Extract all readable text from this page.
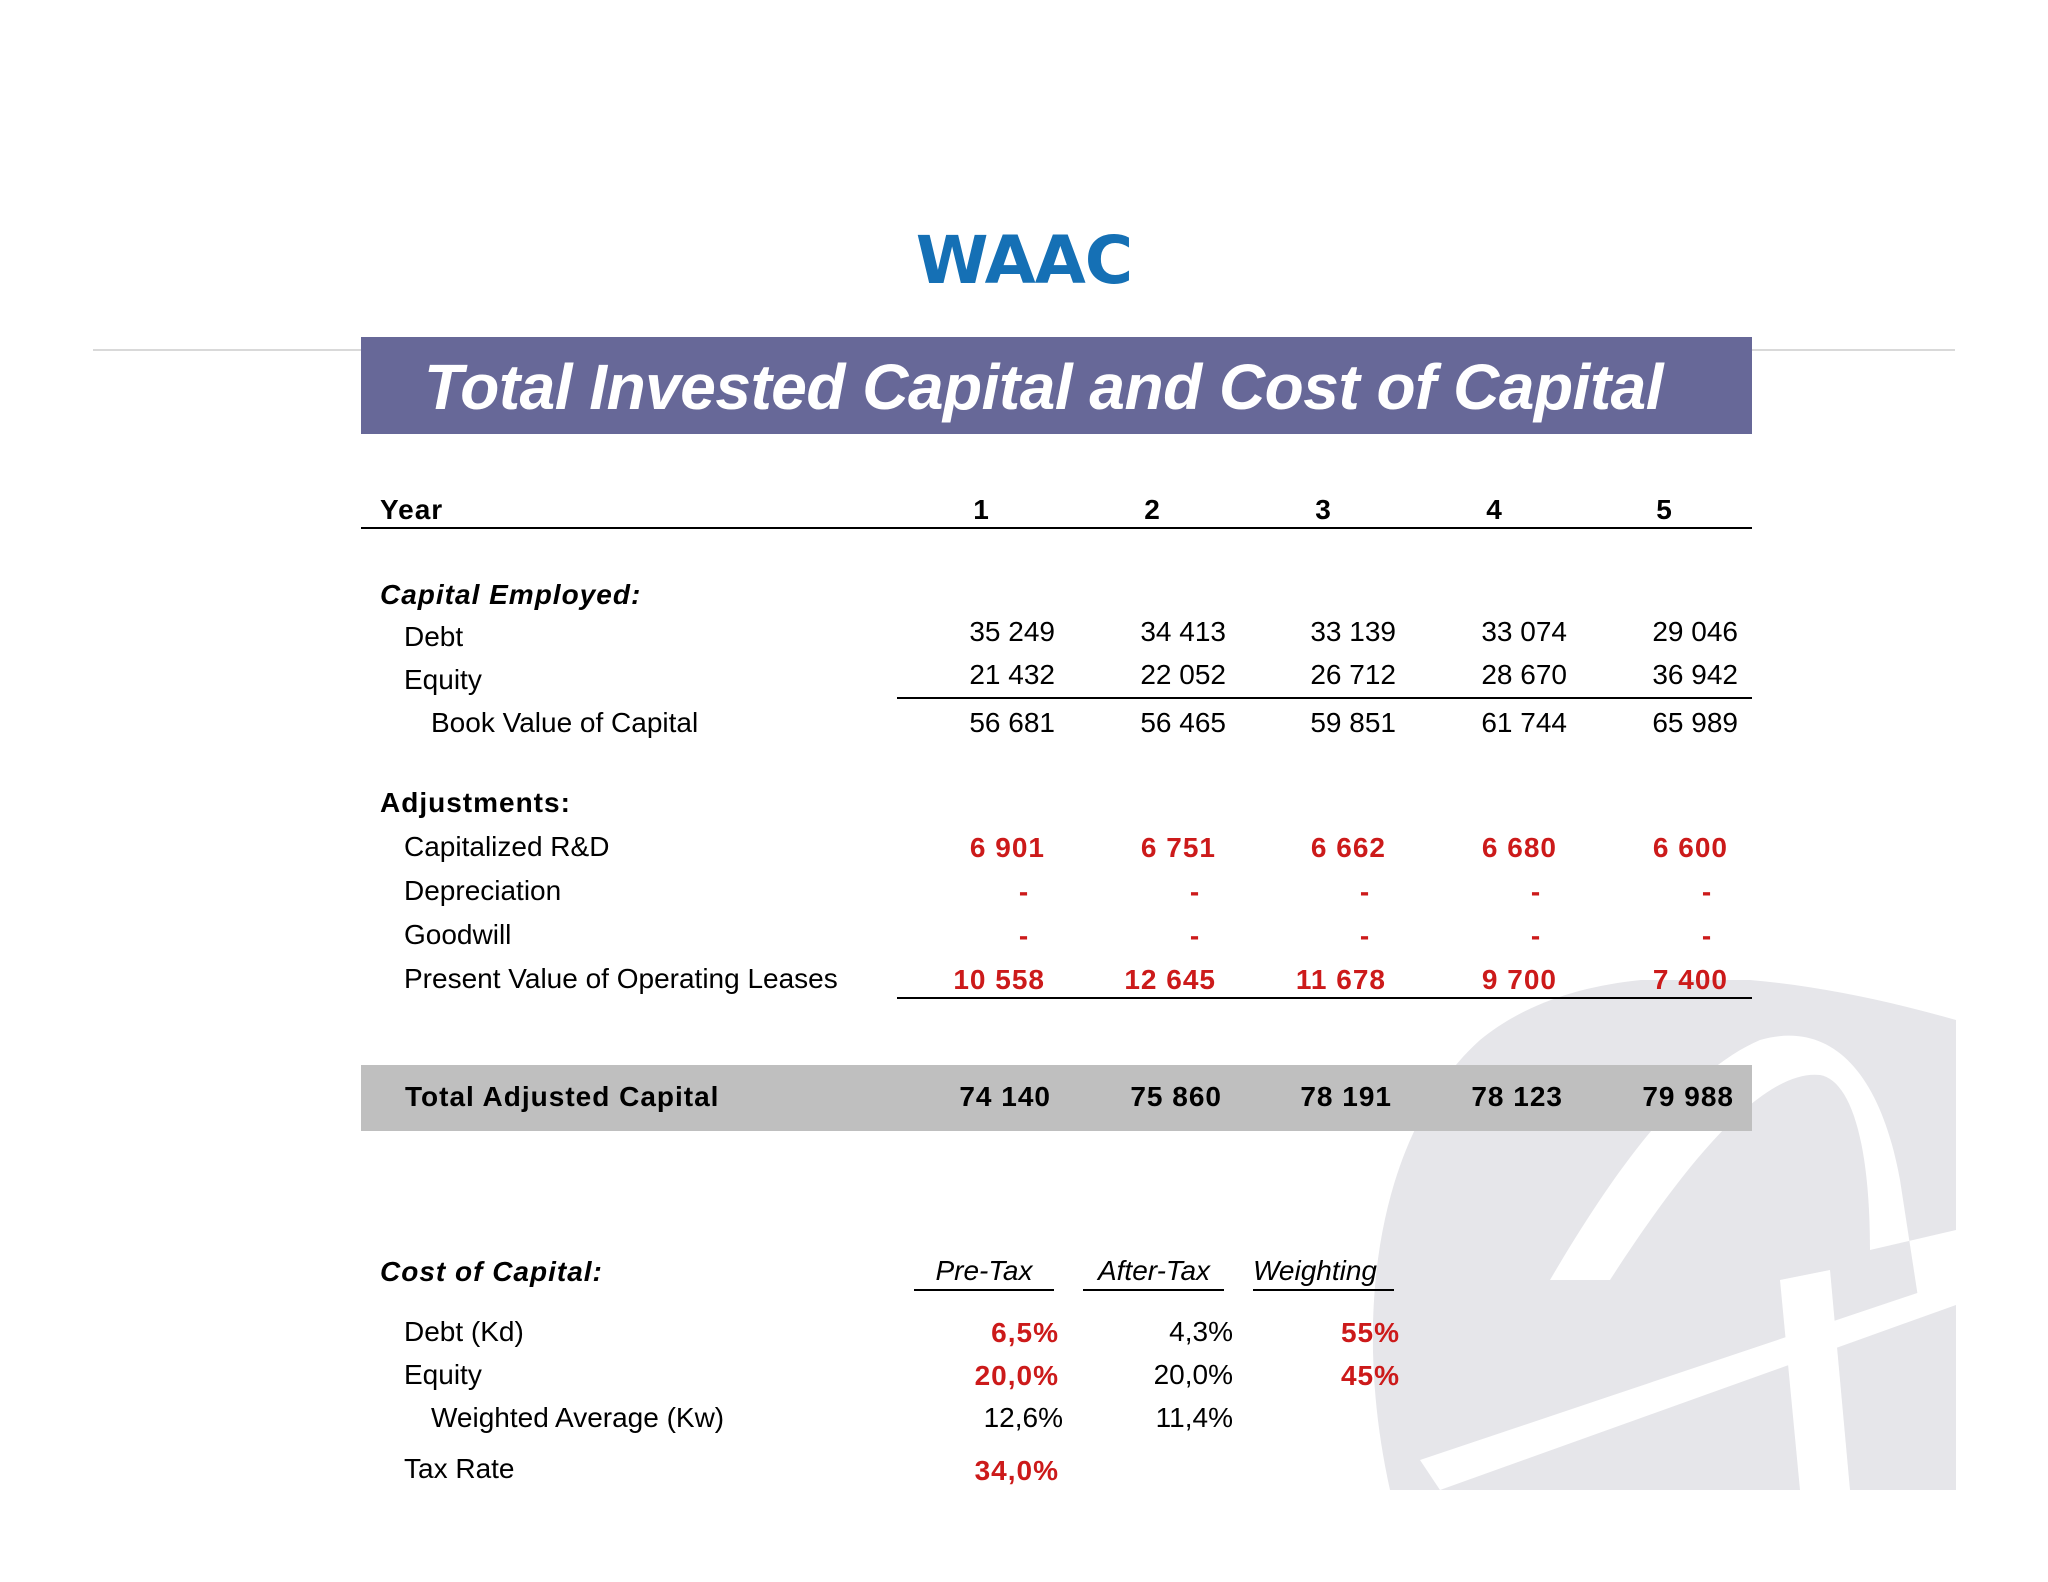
WAAC
Total Invested Capital and Cost of Capital
Year	1	2	3	4	5
Capital Employed:
Debt	35 249	34 413	33 139	33 074	29 046
Equity	21 432	22 052	26 712	28 670	36 942
Book Value of Capital	56 681	56 465	59 851	61 744	65 989
Adjustments:
Capitalized R&D	6 901	6 751	6 662	6 680	6 600
Depreciation	-	-	-	-	-
Goodwill	-	-	-	-	-
Present Value of Operating Leases	10 558	12 645	11 678	9 700	7 400
Total Adjusted Capital	74 140	75 860	78 191	78 123	79 988
Cost of Capital:	Pre-Tax	After-Tax	Weighting
Debt (Kd)	6,5%	4,3%	55%
Equity	20,0%	20,0%	45%
Weighted Average (Kw)	12,6%	11,4%
Tax Rate	34,0%
